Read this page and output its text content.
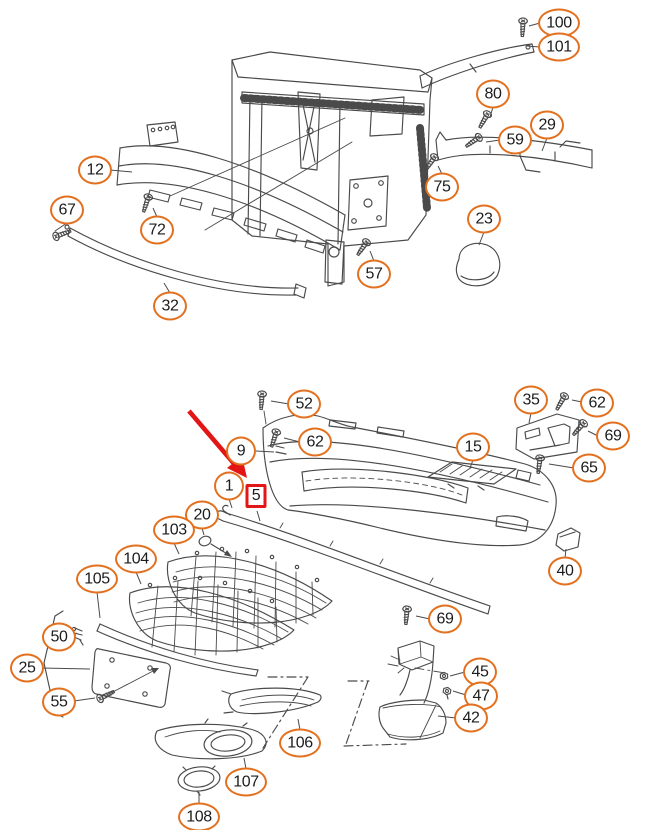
100
101
80
29
59
12
75
67
23
72
57
32
35	62
52
69
62	15
9
65
1
5
20
103
104
40
105
69
50
25	45
47
55
42
106
107
108
